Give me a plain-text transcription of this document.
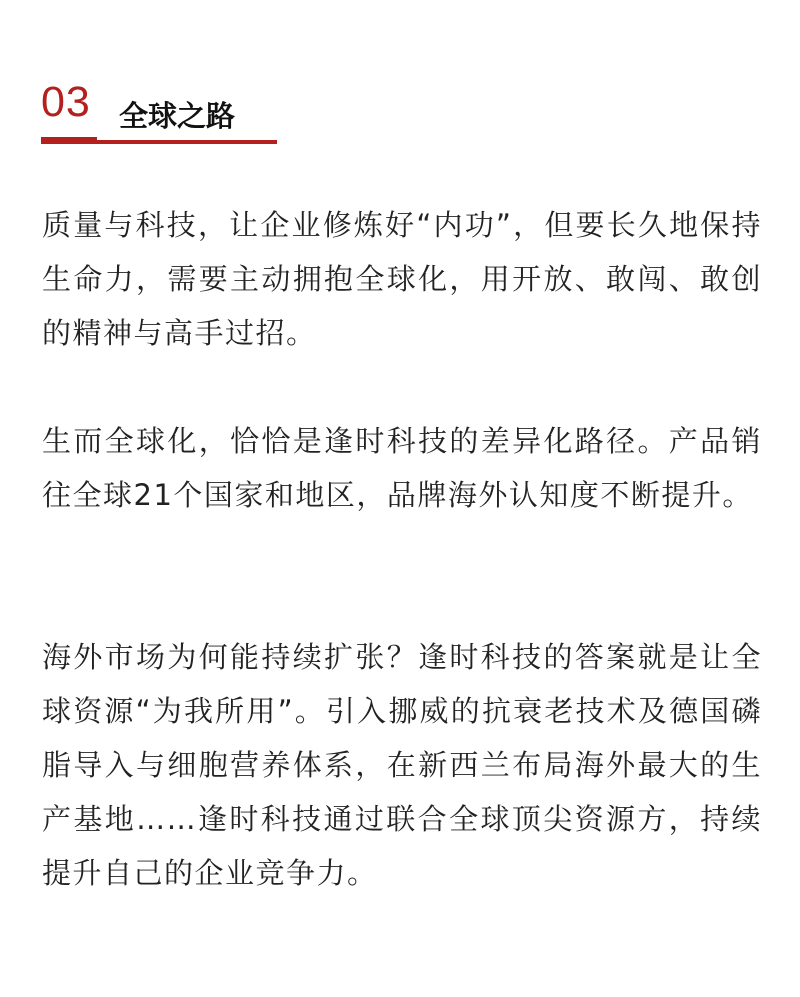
03 全球之路

质量与科技，让企业修炼好“内功”，但要长久地保持生命力，需要主动拥抱全球化，用开放、敢闯、敢创的精神与高手过招。

生而全球化，恰恰是逢时科技的差异化路径。产品销往全球21个国家和地区，品牌海外认知度不断提升。

海外市场为何能持续扩张？逢时科技的答案就是让全球资源“为我所用”。引入挪威的抗衰老技术及德国磷脂导入与细胞营养体系，在新西兰布局海外最大的生产基地……逢时科技通过联合全球顶尖资源方，持续提升自己的企业竞争力。
